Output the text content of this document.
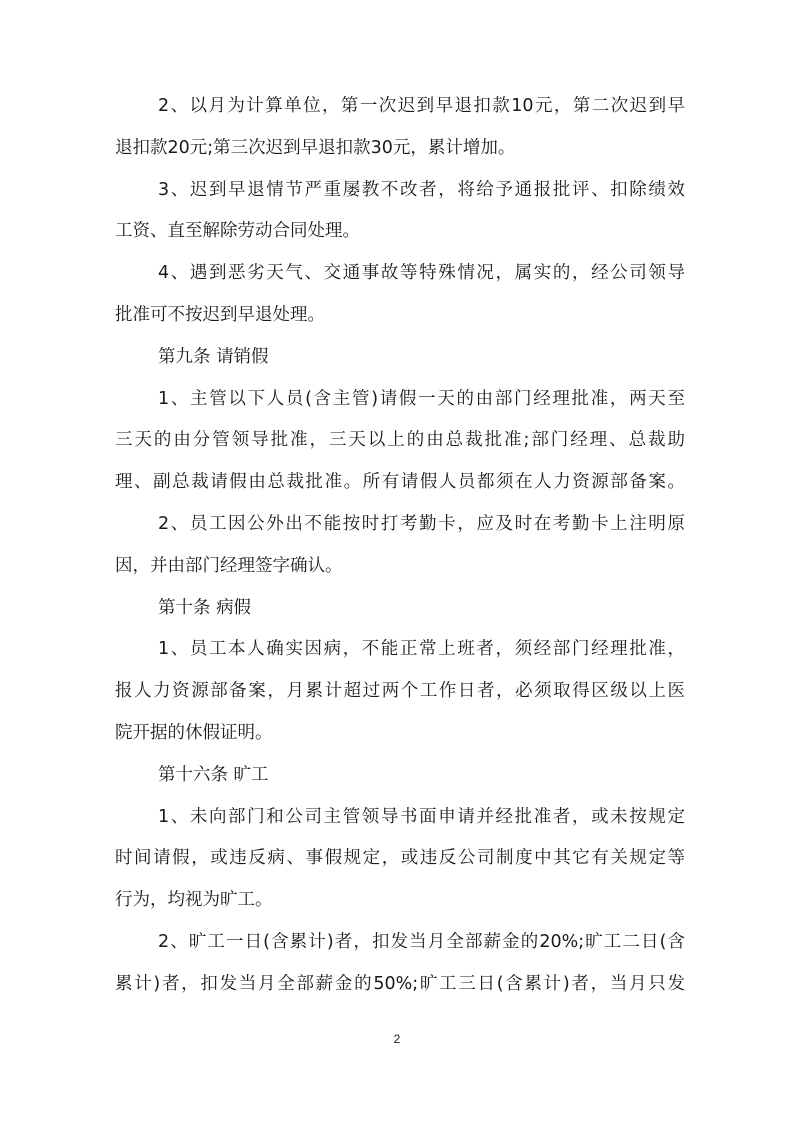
2、以月为计算单位，第一次迟到早退扣款10元，第二次迟到早
退扣款20元;第三次迟到早退扣款30元，累计增加。
3、迟到早退情节严重屡教不改者，将给予通报批评、扣除绩效
工资、直至解除劳动合同处理。
4、遇到恶劣天气、交通事故等特殊情况，属实的，经公司领导
批准可不按迟到早退处理。
第九条 请销假
1、主管以下人员(含主管)请假一天的由部门经理批准，两天至
三天的由分管领导批准，三天以上的由总裁批准;部门经理、总裁助
理、副总裁请假由总裁批准。所有请假人员都须在人力资源部备案。
2、员工因公外出不能按时打考勤卡，应及时在考勤卡上注明原
因，并由部门经理签字确认。
第十条 病假
1、员工本人确实因病，不能正常上班者，须经部门经理批准，
报人力资源部备案，月累计超过两个工作日者，必须取得区级以上医
院开据的休假证明。
第十六条 旷工
1、未向部门和公司主管领导书面申请并经批准者，或未按规定
时间请假，或违反病、事假规定，或违反公司制度中其它有关规定等
行为，均视为旷工。
2、旷工一日(含累计)者，扣发当月全部薪金的20%;旷工二日(含
累计)者，扣发当月全部薪金的50%;旷工三日(含累计)者，当月只发
2
